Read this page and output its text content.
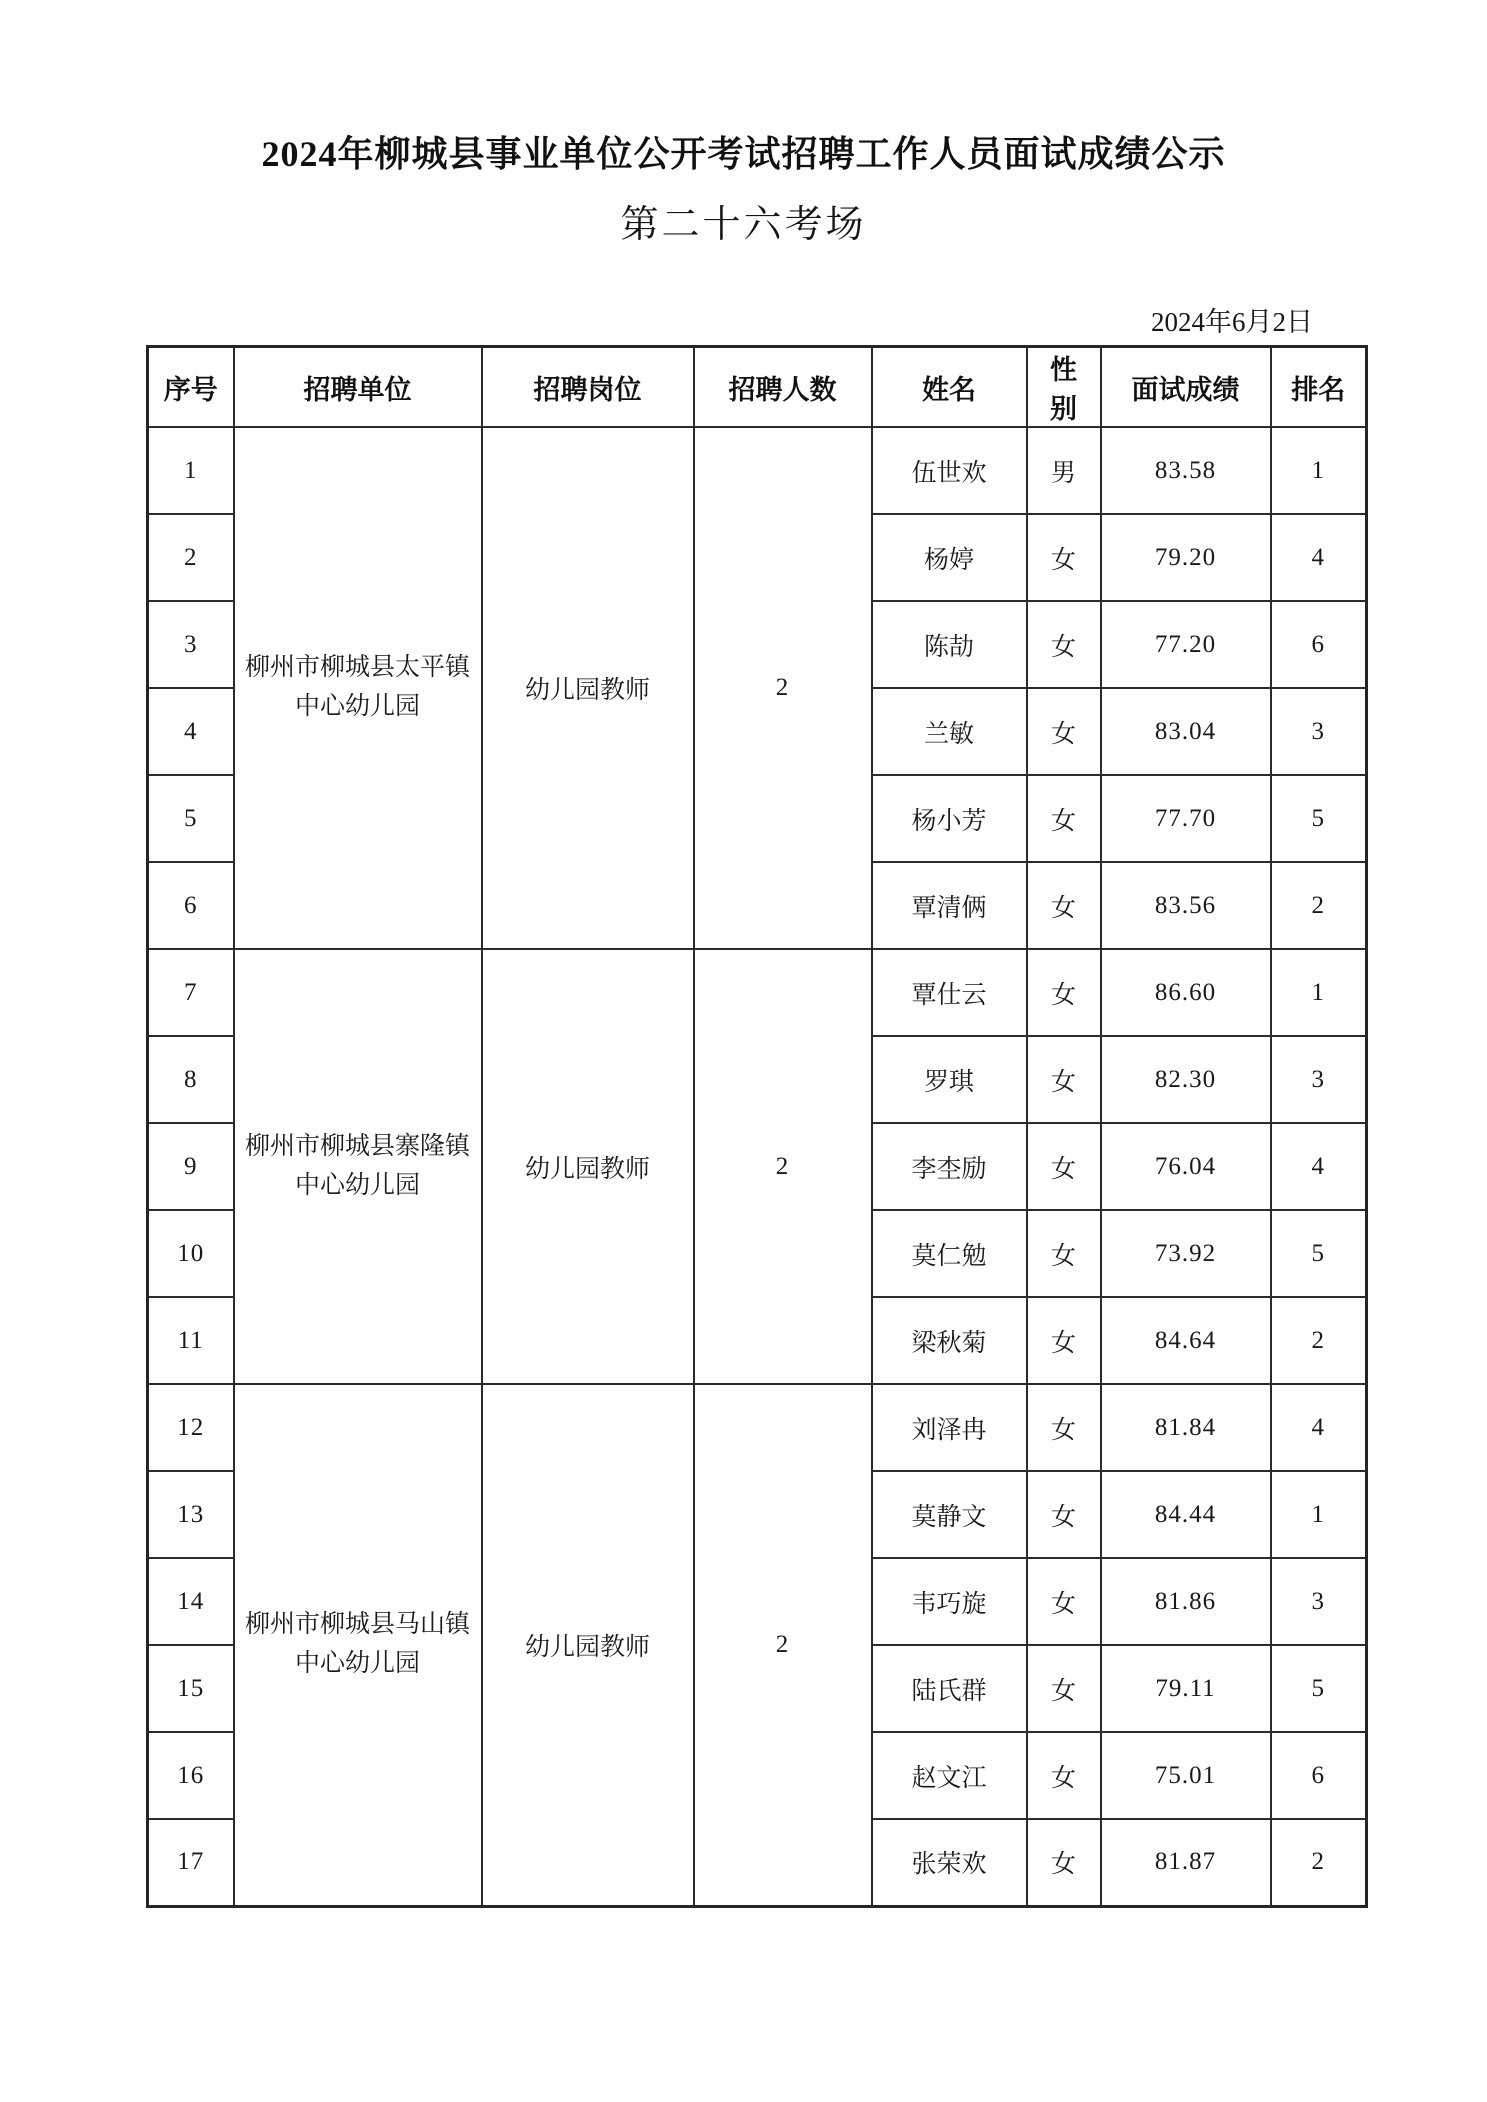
2024年柳城县事业单位公开考试招聘工作人员面试成绩公示
第二十六考场
2024年6月2日
序号	招聘单位	招聘岗位	招聘人数	姓名	性别	面试成绩	排名
1	柳州市柳城县太平镇中心幼儿园	幼儿园教师	2	伍世欢	男	83.58	1
2				杨婷	女	79.20	4
3				陈劼	女	77.20	6
4				兰敏	女	83.04	3
5				杨小芳	女	77.70	5
6				覃清俩	女	83.56	2
7	柳州市柳城县寨隆镇中心幼儿园	幼儿园教师	2	覃仕云	女	86.60	1
8				罗琪	女	82.30	3
9				李杢励	女	76.04	4
10				莫仁勉	女	73.92	5
11				梁秋菊	女	84.64	2
12	柳州市柳城县马山镇中心幼儿园	幼儿园教师	2	刘泽冉	女	81.84	4
13				莫静文	女	84.44	1
14				韦巧旋	女	81.86	3
15				陆氏群	女	79.11	5
16				赵文江	女	75.01	6
17				张荣欢	女	81.87	2
